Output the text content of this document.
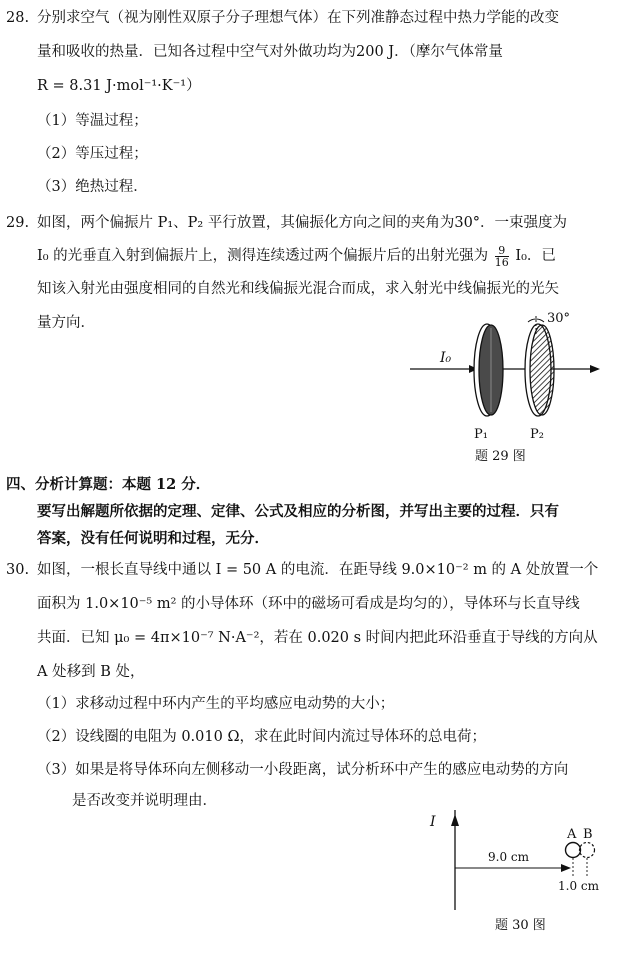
28. 分别求空气（视为刚性双原子分子理想气体）在下列准静态过程中热力学能的改变
量和吸收的热量．已知各过程中空气对外做功均为200 J．（摩尔气体常量
R = 8.31 J·mol⁻¹·K⁻¹）
（1）等温过程；
（2）等压过程；
（3）绝热过程．
29. 如图，两个偏振片 P₁、P₂ 平行放置，其偏振化方向之间的夹角为30°．一束强度为
I₀ 的光垂直入射到偏振片上，测得连续透过两个偏振片后的出射光强为 $\frac{9}{16} I_0$．已
知该入射光由强度相同的自然光和线偏振光混合而成，求入射光中线偏振光的光矢
量方向．
I₀
30°
P₁	P₂
题 29 图
四、分析计算题：本题 12 分．
要写出解题所依据的定理、定律、公式及相应的分析图，并写出主要的过程．只有
答案，没有任何说明和过程，无分．
30. 如图，一根长直导线中通以 I = 50 A 的电流．在距导线 9.0×10⁻² m 的 A 处放置一个
面积为 1.0×10⁻⁵ m² 的小导体环（环中的磁场可看成是均匀的），导体环与长直导线
共面．已知 μ₀ = 4π×10⁻⁷ N·A⁻²，若在 0.020 s 时间内把此环沿垂直于导线的方向从
A 处移到 B 处，
（1）求移动过程中环内产生的平均感应电动势的大小；
（2）设线圈的电阻为 0.010 Ω，求在此时间内流过导体环的总电荷；
（3）如果是将导体环向左侧移动一小段距离，试分析环中产生的感应电动势的方向
是否改变并说明理由．
I
9.0 cm
A B
1.0 cm
题 30 图
